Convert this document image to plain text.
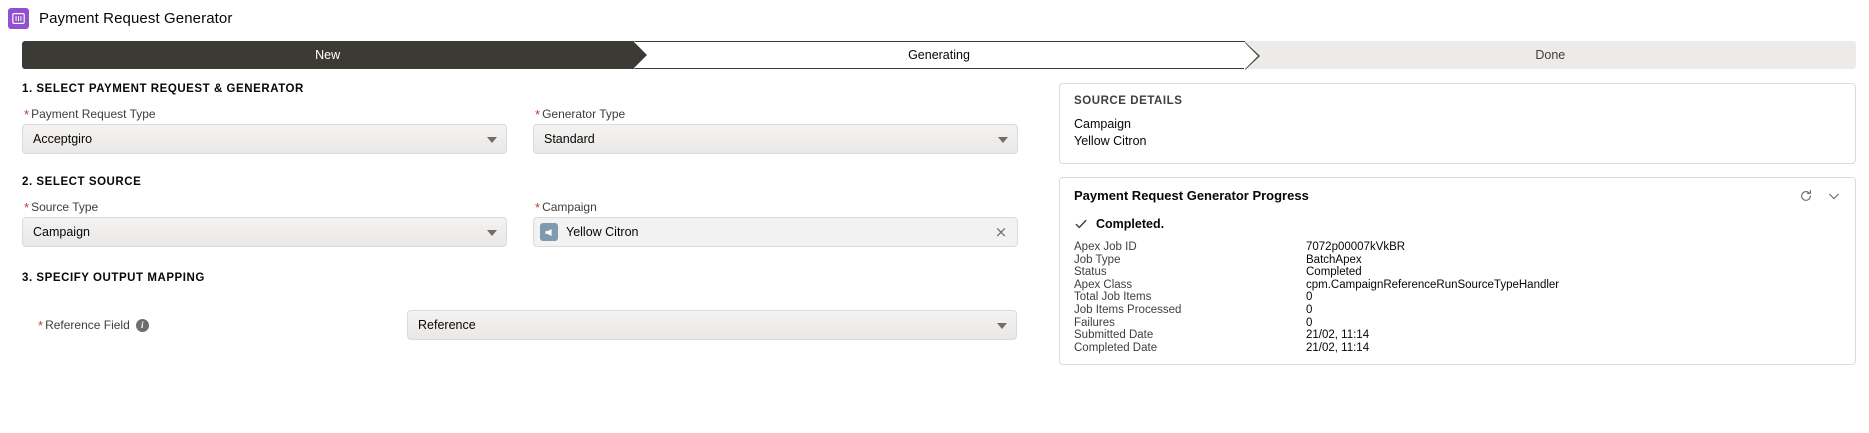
Payment Request Generator
New	Generating	Done
1. SELECT PAYMENT REQUEST & GENERATOR
* Payment Request Type
Acceptgiro
* Generator Type
Standard
2. SELECT SOURCE
* Source Type
Campaign
* Campaign
Yellow Citron	×
3. SPECIFY OUTPUT MAPPING
* Reference Field	i	Reference
SOURCE DETAILS
Campaign
Yellow Citron
Payment Request Generator Progress
Completed.
Apex Job ID	7072p00007kVkBR
Job Type	BatchApex
Status	Completed
Apex Class	cpm.CampaignReferenceRunSourceTypeHandler
Total Job Items	0
Job Items Processed	0
Failures	0
Submitted Date	21/02, 11:14
Completed Date	21/02, 11:14
